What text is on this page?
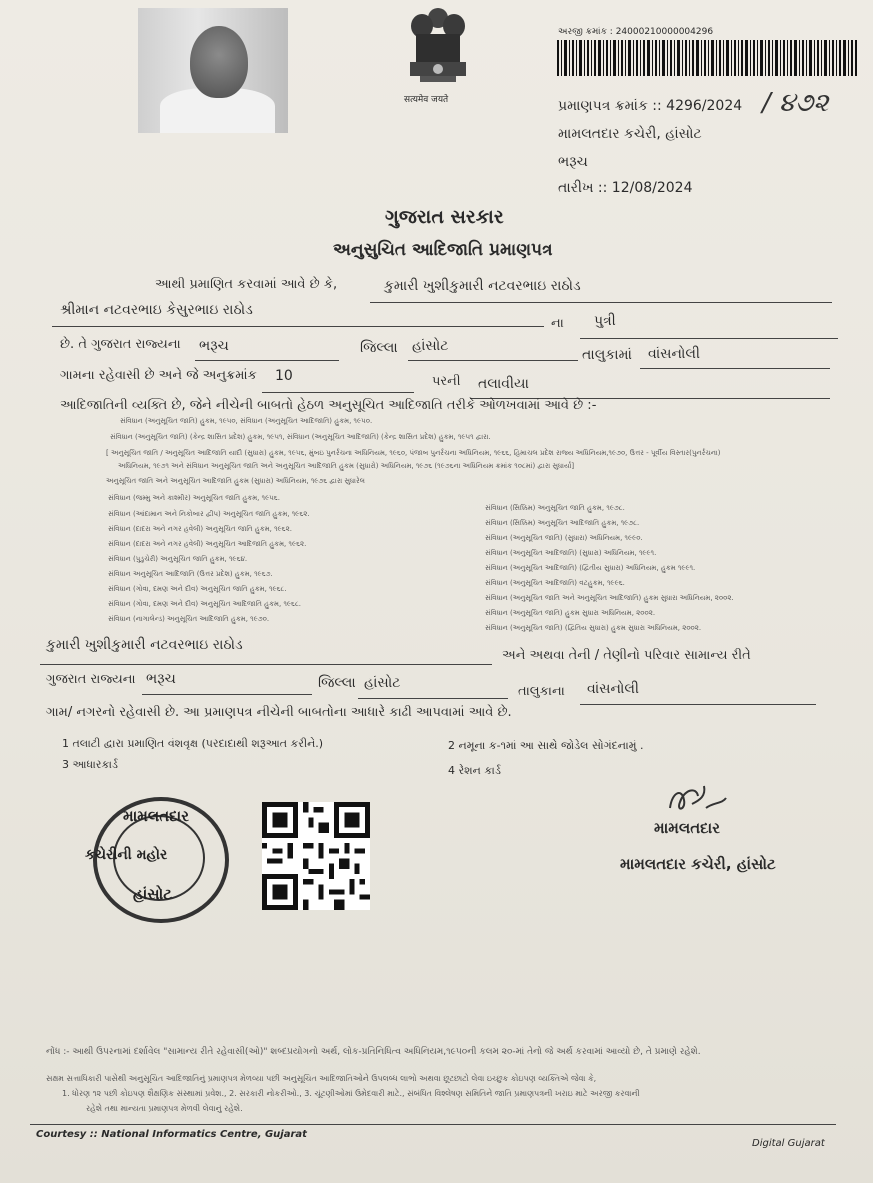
सत्यमेव जयते
અરજી ક્રમાંક : 24000210000004296
પ્રમાણપત્ર ક્રમાંક :: 4296/2024 / ૪૭૨
મામલતદાર કચેરી, હાંસોટ
ભરૂચ
તારીખ :: 12/08/2024
ગુજરાત સરકાર
અનુસુચિત આદિજાતિ પ્રમાણપત્ર
આથી પ્રમાણિત કરવામાં આવે છે કે,	કુમારી ખુશીકુમારી નટવરભાઇ રાઠોડ
શ્રીમાન નટવરભાઇ કેસુરભાઇ રાઠોડ
ના પુત્રી
છે. તે ગુજરાત રાજ્યના ભરૂચ	જિલ્લા હાંસોટ
તાલુકામાં વાંસનોલી
ગામના રહેવાસી છે અને જે અનુક્રમાંક 10	પરની તલાવીયા
આદિજાતિની વ્યક્તિ છે, જેને નીચેની બાબતો હેઠળ અનુસૂચિત આદિજાતિ તરીકે ઓળખવામાં આવે છે :-
સંવિધાન (અનુસૂચિત જાતિ) હુકમ, ૧૯૫૦, સંવિધાન (અનુસૂચિત આદિજાતિ) હુકમ, ૧૯૫૦.
સંવિધાન (અનુસૂચિત જાતિ) (કેન્દ્ર શાસિત પ્રદેશ) હુકમ, ૧૯૫૧, સંવિધાન (અનુસૂચિત આદિજાતિ) (કેન્દ્ર શાસિત પ્રદેશ) હુકમ, ૧૯૫૧ દ્વારા.
[ અનુસૂચિત જાતિ / અનુસૂચિત આદિજાતિ યાદી (સુધારા) હુકમ, ૧૯૫૬, મુંબઇ પુનર્રચના અધિનિયમ, ૧૯૬૦, પંજાબ પુનર્રચના અધિનિયમ, ૧૯૬૬, હિમાચલ પ્રદેશ રાજ્ય અધિનિયમ,૧૯૭૦, ઉત્તર - પૂર્વીય વિસ્તાર(પુનર્રચના)
અધિનિયમ, ૧૯૭૧ અને સંવિધાન અનુસૂચિત જાતિ અને અનુસૂચિત આદિજાતિ હુકમ (સુધારો) અધિનિયમ, ૧૯૭૬ (૧૯૭૬ના અધિનિયમ ક્રમાંક ૧૦૮માં) દ્વારા સુધાર્યા]
અનુસૂચિત જાતિ અને અનુસૂચિત આદિજાતિ હુકમ (સુધારા) અધિનિયમ, ૧૯૭૬ દ્વારા સુધારેલ
સંવિધાન (જમ્મુ અને કાશ્મીર) અનુસૂચિત જાતિ હુકમ, ૧૯૫૬.
સંવિધાન (આંદામાન અને નિકોબાર દ્વીપ) અનુસૂચિત જાતિ હુકમ, ૧૯૬૨.
સંવિધાન (દાદરા અને નગર હવેલી) અનુસૂચિત જાતિ હુકમ, ૧૯૬૨.
સંવિધાન (દાદરા અને નગર હવેલી) અનુસૂચિત આદિજાતિ હુકમ, ૧૯૬૨.
સંવિધાન (પુડુચેરી) અનુસૂચિત જાતિ હુકમ, ૧૯૬૪.
સંવિધાન અનુસૂચિત આદિજાતિ (ઉત્તર પ્રદેશ) હુકમ, ૧૯૬૭.
સંવિધાન (ગોવા, દમણ અને દીવ) અનુસૂચિત જાતિ હુકમ, ૧૯૬૮.
સંવિધાન (ગોવા, દમણ અને દીવ) અનુસૂચિત આદિજાતિ હુકમ, ૧૯૬૮.
સંવિધાન (નાગાલેન્ડ) અનુસૂચિત આદિજાતિ હુકમ, ૧૯૭૦.
સંવિધાન (સિક્કિમ) અનુસૂચિત જાતિ હુકમ, ૧૯૭૮.
સંવિધાન (સિક્કિમ) અનુસૂચિત આદિજાતિ હુકમ, ૧૯૭૮.
સંવિધાન (અનુસૂચિત જાતિ) (સુધારા) અધિનિયમ, ૧૯૯૦.
સંવિધાન (અનુસૂચિત આદિજાતિ) (સુધારા) અધિનિયમ, ૧૯૯૧.
સંવિધાન (અનુસૂચિત આદિજાતિ) (દ્વિતીય સુધારા) અધિનિયમ, હુકમ ૧૯૯૧.
સંવિધાન (અનુસૂચિત આદિજાતિ) વટહુકમ, ૧૯૯૬.
સંવિધાન (અનુસૂચિત જાતિ અને અનુસૂચિત આદિજાતિ) હુકમ સુધારા અધિનિયમ, ૨૦૦૨.
સંવિધાન (અનુસૂચિત જાતિ) હુકમ સુધારા અધિનિયમ, ૨૦૦૨.
સંવિધાન (અનુસૂચિત જાતિ) (દ્વિતિય સુધારા) હુકમ સુધારા અધિનિયમ, ૨૦૦૨.
કુમારી ખુશીકુમારી નટવરભાઇ રાઠોડ
અને અથવા તેની / તેણીનો પરિવાર સામાન્ય રીતે
ગુજરાત રાજ્યના ભરૂચ	જિલ્લા હાંસોટ
તાલુકાના વાંસનોલી
ગામ/ નગરનો રહેવાસી છે. આ પ્રમાણપત્ર નીચેની બાબતોના આધારે કાઢી આપવામાં આવે છે.
1 તલાટી દ્વારા પ્રમાણિત વંશવૃક્ષ (પરદાદાથી શરૂઆત કરીને.)	2 નમૂના ક-૧માં આ સાથે જોડેલ સોગંદનામું .
3 આધારકાર્ડ	4 રેશન કાર્ડ
મામલતદાર
કચેરીની મહોર
હાંસોટ
મામલતદાર
મામલતદાર કચેરી, હાંસોટ
નોંધ :- આથી ઉપરનામાં દર્શાવેલ "સામાન્ય રીતે રહેવાસી(ઓ)" શબ્દપ્રયોગનો અર્થ, લોક-પ્રતિનિધિત્વ અધિનિયમ,૧૯૫૦ની કલમ ૨૦-માં તેનો જે અર્થ કરવામાં આવ્યો છે, તે પ્રમાણે રહેશે.
સક્ષમ સત્તાધિકારી પાસેથી અનુસૂચિત આદિજાતિનું પ્રમાણપત્ર મેળવ્યા પછી અનુસૂચિત આદિજાતિઓને ઉપલબ્ધ લાભો અથવા છૂટછાટો લેવા ઇચ્છુક કોઇપણ વ્યક્તિએ જેવા કે,
1. ધોરણ ૧૨ પછી કોઇપણ શૈક્ષણિક સંસ્થામાં પ્રવેશ., 2. સરકારી નોકરીઓ., 3. ચૂંટણીઓમાં ઉમેદવારી માટે., સંબંધિત વિશ્લેષણ સમિતિને જાતિ પ્રમાણપત્રની ખરાઇ માટે અરજી કરવાની
રહેશે તથા માન્યતા પ્રમાણપત્ર મેળવી લેવાનું રહેશે.
Courtesy :: National Informatics Centre, Gujarat
Digital Gujarat
